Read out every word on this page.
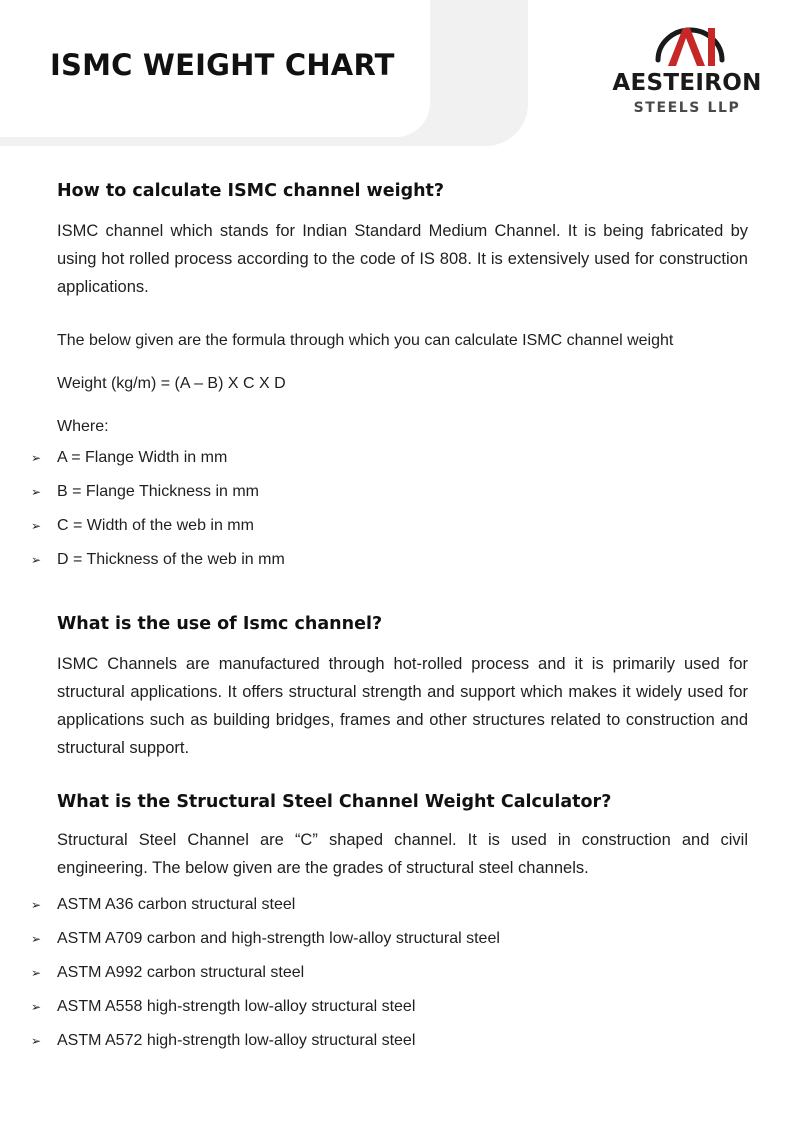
ISMC WEIGHT CHART
AESTEIRON
STEELS LLP
How to calculate ISMC channel weight?

ISMC channel which stands for Indian Standard Medium Channel. It is being fabricated by using hot rolled process according to the code of IS 808. It is extensively used for construction applications.

The below given are the formula through which you can calculate ISMC channel weight

Weight (kg/m) = (A – B) X C X D

Where:

➢ A = Flange Width in mm
➢ B = Flange Thickness in mm
➢ C = Width of the web in mm
➢ D = Thickness of the web in mm
What is the use of Ismc channel?

ISMC Channels are manufactured through hot-rolled process and it is primarily used for structural applications. It offers structural strength and support which makes it widely used for applications such as building bridges, frames and other structures related to construction and structural support.

What is the Structural Steel Channel Weight Calculator?

Structural Steel Channel are “C” shaped channel. It is used in construction and civil engineering. The below given are the grades of structural steel channels.

➢ ASTM A36 carbon structural steel
➢ ASTM A709 carbon and high-strength low-alloy structural steel
➢ ASTM A992 carbon structural steel
➢ ASTM A558 high-strength low-alloy structural steel
➢ ASTM A572 high-strength low-alloy structural steel
